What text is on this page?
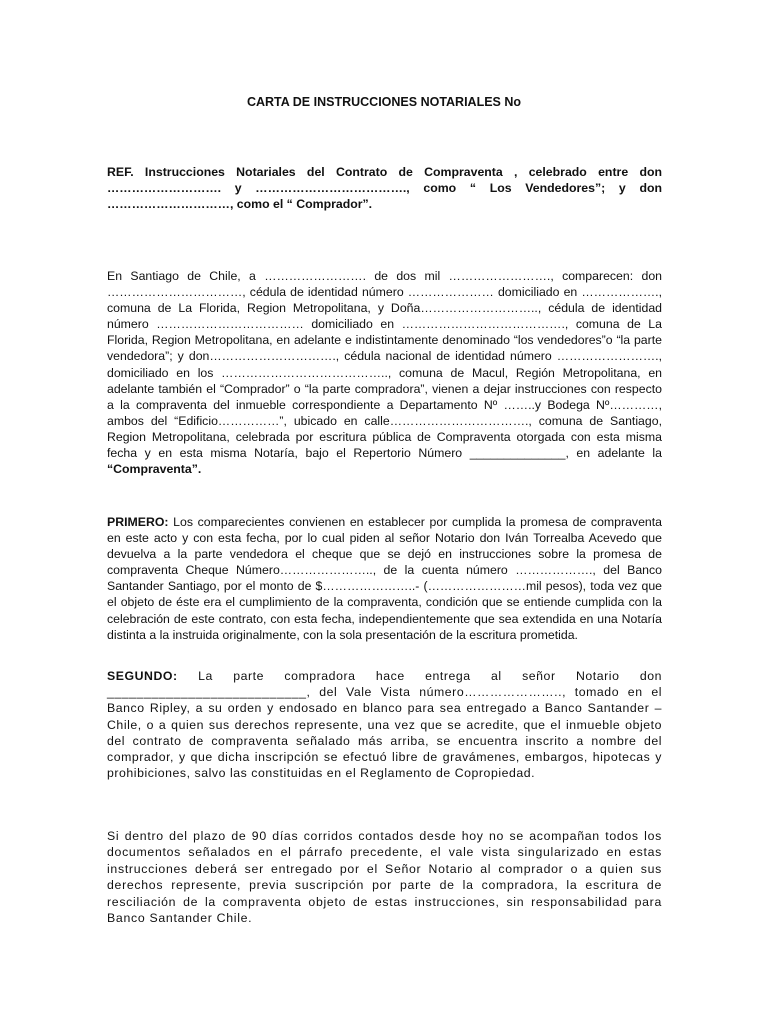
CARTA DE INSTRUCCIONES NOTARIALES No
REF. Instrucciones Notariales del Contrato de Compraventa , celebrado entre don ………………………. y ………………………………., como “ Los Vendedores”; y don …………………………, como el “ Comprador”.
En Santiago de Chile, a ……………………. de dos mil ……………………., comparecen: don ……………………………, cédula de identidad número ………………… domiciliado en ………………., comuna de La Florida, Region Metropolitana, y Doña……………………….., cédula de identidad número ……………………………… domiciliado en …………………………………., comuna de La Florida, Region Metropolitana, en adelante e indistintamente denominado “los vendedores”o “la parte vendedora”; y don…………………………., cédula nacional de identidad número ……………………., domiciliado en los ………………………………….., comuna de Macul, Región Metropolitana, en adelante también el “Comprador” o “la parte compradora”, vienen a dejar instrucciones con respecto a la compraventa del inmueble correspondiente a Departamento Nº ……..y Bodega Nº…………, ambos del “Edificio……………”, ubicado en calle……………………………., comuna de Santiago, Region Metropolitana, celebrada por escritura pública de Compraventa otorgada con esta misma fecha y en esta misma Notaría, bajo el Repertorio Número ______________, en adelante la “Compraventa”.
PRIMERO: Los comparecientes convienen en establecer por cumplida la promesa de compraventa en este acto y con esta fecha, por lo cual piden al señor Notario don Iván Torrealba Acevedo que devuelva a la parte vendedora el cheque que se dejó en instrucciones sobre la promesa de compraventa Cheque Número………………….., de la cuenta número ………………., del Banco Santander Santiago, por el monto de $…………………..- (……………………mil pesos), toda vez que el objeto de éste era el cumplimiento de la compraventa, condición que se entiende cumplida con la celebración de este contrato, con esta fecha, independientemente que sea extendida en una Notaría distinta a la instruida originalmente, con la sola presentación de la escritura prometida.
SEGUNDO: La parte compradora hace entrega al señor Notario don ___________________________, del Vale Vista número………………….., tomado en el Banco Ripley, a su orden y endosado en blanco para sea entregado a Banco Santander – Chile, o a quien sus derechos represente, una vez que se acredite, que el inmueble objeto del contrato de compraventa señalado más arriba, se encuentra inscrito a nombre del comprador, y que dicha inscripción se efectuó libre de gravámenes, embargos, hipotecas y prohibiciones, salvo las constituidas en el Reglamento de Copropiedad.
Si dentro del plazo de 90 días corridos contados desde hoy no se acompañan todos los documentos señalados en el párrafo precedente, el vale vista singularizado en estas instrucciones deberá ser entregado por el Señor Notario al comprador o a quien sus derechos represente, previa suscripción por parte de la compradora, la escritura de resciliación de la compraventa objeto de estas instrucciones, sin responsabilidad para Banco Santander Chile.
